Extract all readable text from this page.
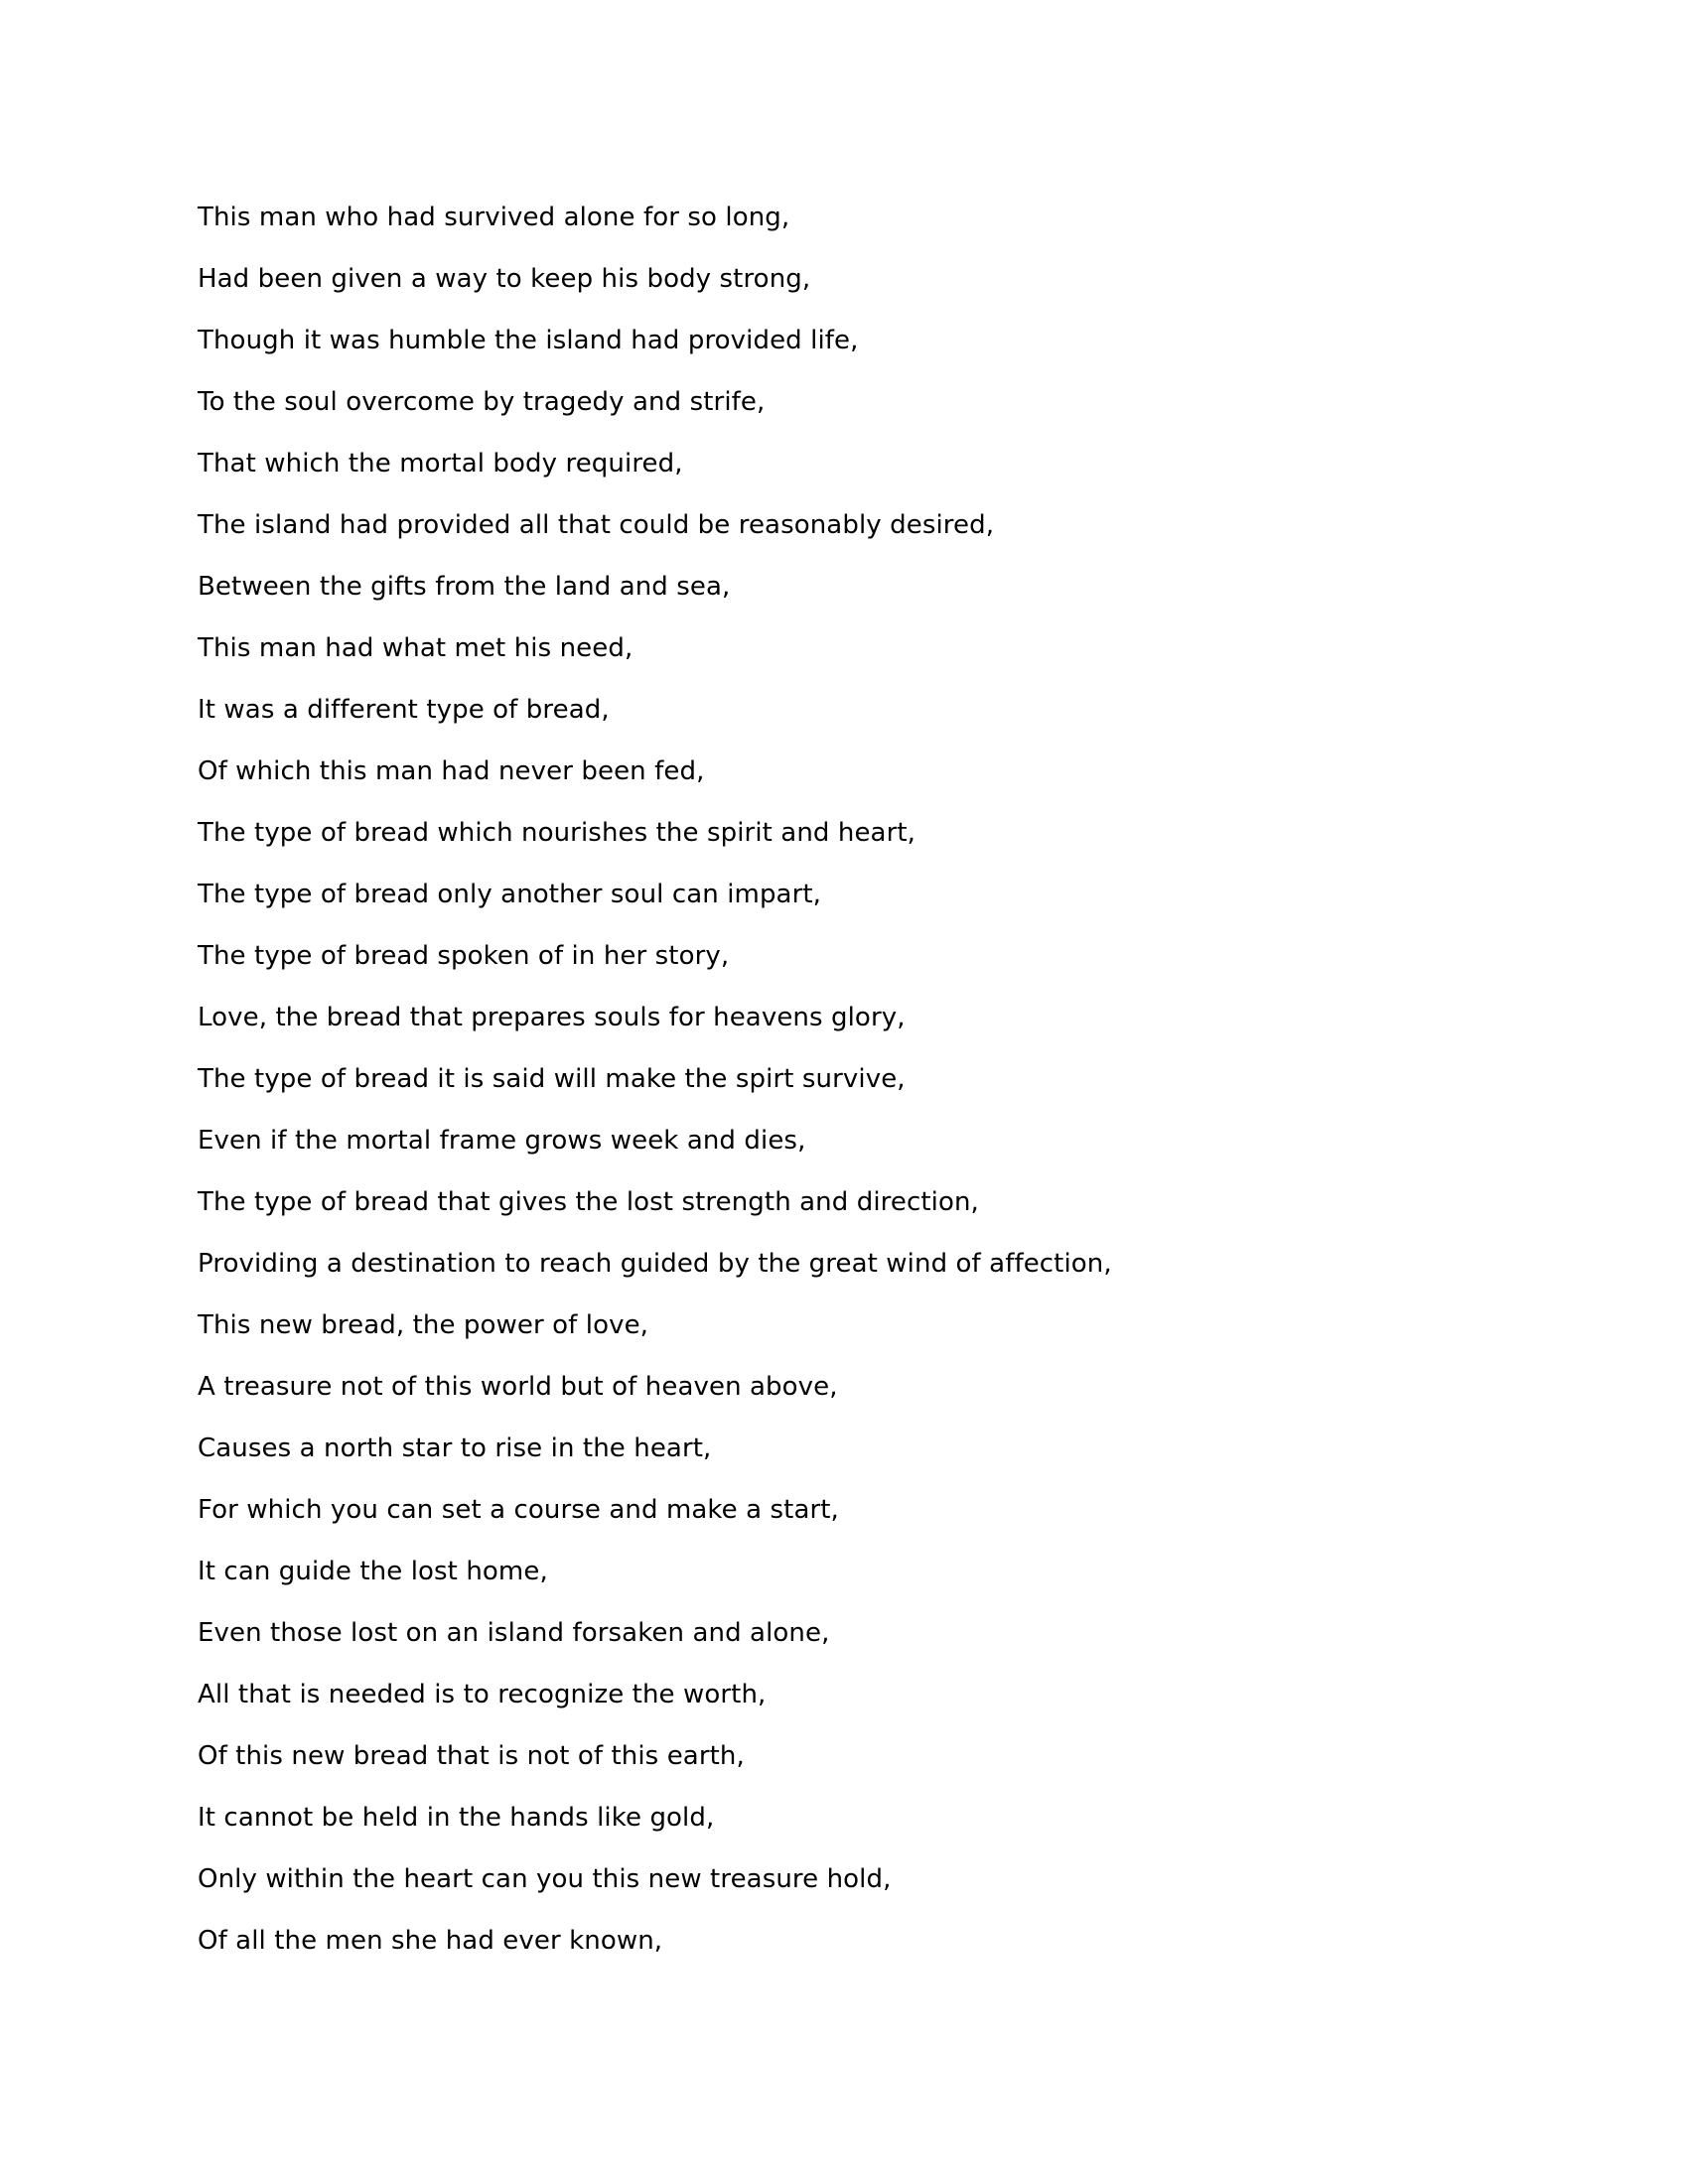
This man who had survived alone for so long,
Had been given a way to keep his body strong,
Though it was humble the island had provided life,
To the soul overcome by tragedy and strife,
That which the mortal body required,
The island had provided all that could be reasonably desired,
Between the gifts from the land and sea,
This man had what met his need,
It was a different type of bread,
Of which this man had never been fed,
The type of bread which nourishes the spirit and heart,
The type of bread only another soul can impart,
The type of bread spoken of in her story,
Love, the bread that prepares souls for heavens glory,
The type of bread it is said will make the spirt survive,
Even if the mortal frame grows week and dies,
The type of bread that gives the lost strength and direction,
Providing a destination to reach guided by the great wind of affection,
This new bread, the power of love,
A treasure not of this world but of heaven above,
Causes a north star to rise in the heart,
For which you can set a course and make a start,
It can guide the lost home,
Even those lost on an island forsaken and alone,
All that is needed is to recognize the worth,
Of this new bread that is not of this earth,
It cannot be held in the hands like gold,
Only within the heart can you this new treasure hold,
Of all the men she had ever known,
